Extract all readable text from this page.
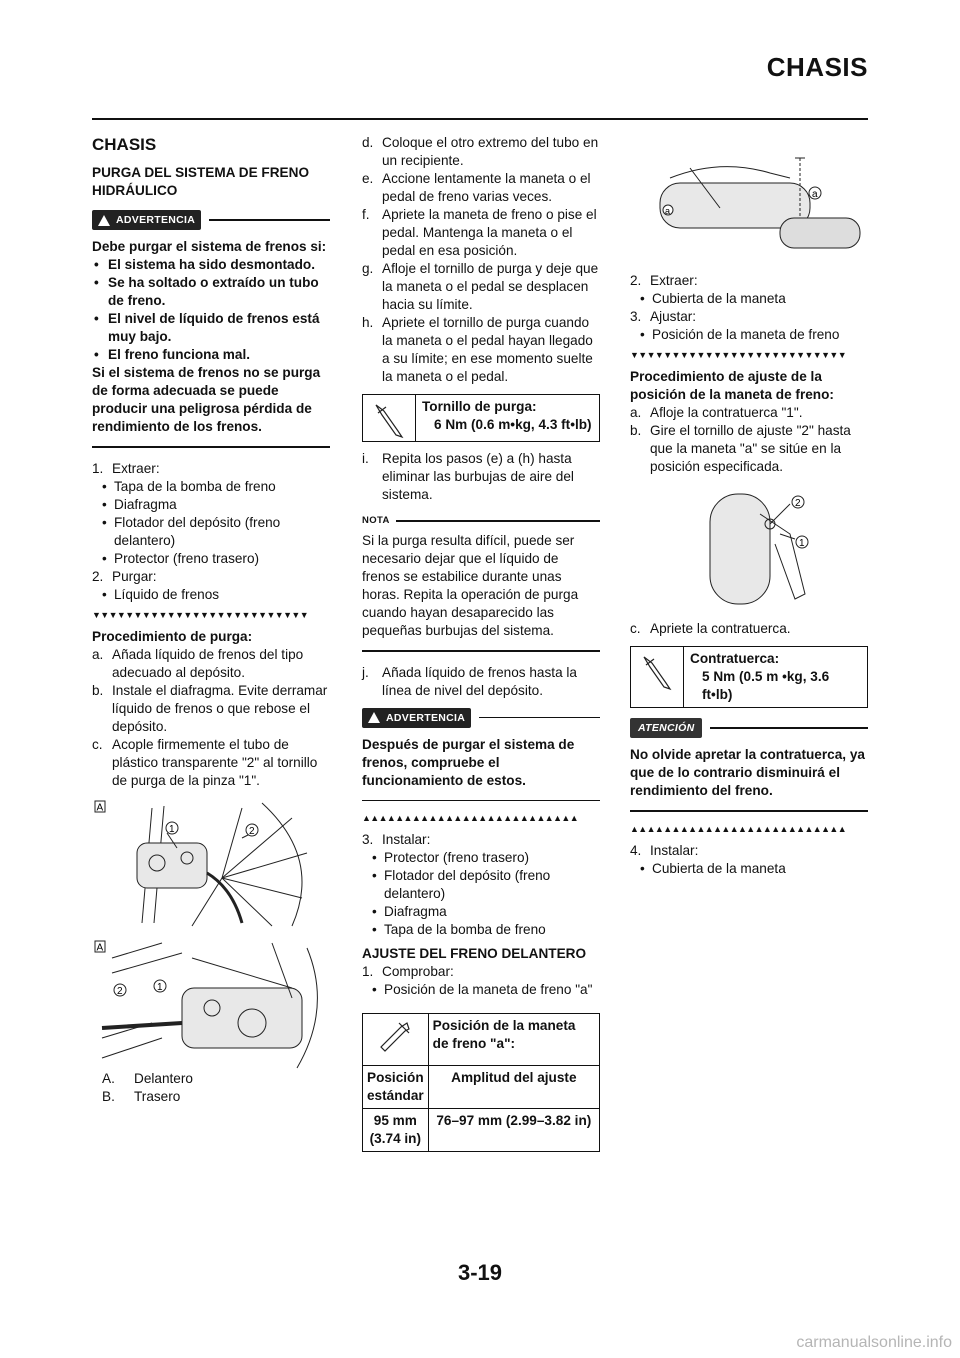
CHASIS
CHASIS
PURGA DEL SISTEMA DE FRENO HIDRÁULICO
ADVERTENCIA

Debe purgar el sistema de frenos si:

• El sistema ha sido desmontado.
• Se ha soltado o extraído un tubo de freno.
• El nivel de líquido de frenos está muy bajo.
• El freno funciona mal.

Si el sistema de frenos no se purga de forma adecuada se puede producir una peligrosa pérdida de rendimiento de los frenos.

1. Extraer:
• Tapa de la bomba de freno
• Diafragma
• Flotador del depósito (freno delantero)
• Protector (freno trasero)
2. Purgar:
• Líquido de frenos
▼▼▼▼▼▼▼▼▼▼▼▼▼▼▼▼▼▼▼▼▼▼▼▼▼▼

Procedimiento de purga:

a. Añada líquido de frenos del tipo adecuado al depósito.
b. Instale el diafragma. Evite derramar líquido de frenos o que rebose el depósito.
c. Acople firmemente el tubo de plástico transparente "2" al tornillo de purga de la pinza "1".
A
1	2
A
2	1
A. Delantero
B. Trasero
d. Coloque el otro extremo del tubo en un recipiente.
e. Accione lentamente la maneta o el pedal de freno varias veces.
f. Apriete la maneta de freno o pise el pedal. Mantenga la maneta o el pedal en esa posición.
g. Afloje el tornillo de purga y deje que la maneta o el pedal se desplacen hacia su límite.
h. Apriete el tornillo de purga cuando la maneta o el pedal hayan llegado a su límite; en ese momento suelte la maneta o el pedal.
Tornillo de purga:
6 Nm (0.6 m•kg, 4.3 ft•lb)
i. Repita los pasos (e) a (h) hasta eliminar las burbujas de aire del sistema.
NOTA

Si la purga resulta difícil, puede ser necesario dejar que el líquido de frenos se estabilice durante unas horas. Repita la operación de purga cuando hayan desaparecido las pequeñas burbujas del sistema.

j. Añada líquido de frenos hasta la línea de nivel del depósito.
ADVERTENCIA

Después de purgar el sistema de frenos, compruebe el funcionamiento de estos.

▲▲▲▲▲▲▲▲▲▲▲▲▲▲▲▲▲▲▲▲▲▲▲▲▲▲
3. Instalar:
• Protector (freno trasero)
• Flotador del depósito (freno delantero)
• Diafragma
• Tapa de la bomba de freno

AJUSTE DEL FRENO DELANTERO

1. Comprobar:
• Posición de la maneta de freno "a"
	Posición de la maneta de freno "a":
Posición estándar	Amplitud del ajuste
95 mm (3.74 in)	76–97 mm (2.99–3.82 in)
a
a
2. Extraer:
• Cubierta de la maneta
3. Ajustar:
• Posición de la maneta de freno
▼▼▼▼▼▼▼▼▼▼▼▼▼▼▼▼▼▼▼▼▼▼▼▼▼▼

Procedimiento de ajuste de la posición de la maneta de freno:

a. Afloje la contratuerca "1".
b. Gire el tornillo de ajuste "2" hasta que la maneta "a" se sitúe en la posición especificada.
2
1
c. Apriete la contratuerca.
Contratuerca:
5 Nm (0.5 m •kg, 3.6 ft•lb)
ATENCIÓN

No olvide apretar la contratuerca, ya que de lo contrario disminuirá el rendimiento del freno.

▲▲▲▲▲▲▲▲▲▲▲▲▲▲▲▲▲▲▲▲▲▲▲▲▲▲
4. Instalar:
• Cubierta de la maneta
3-19
carmanualsonline.info
